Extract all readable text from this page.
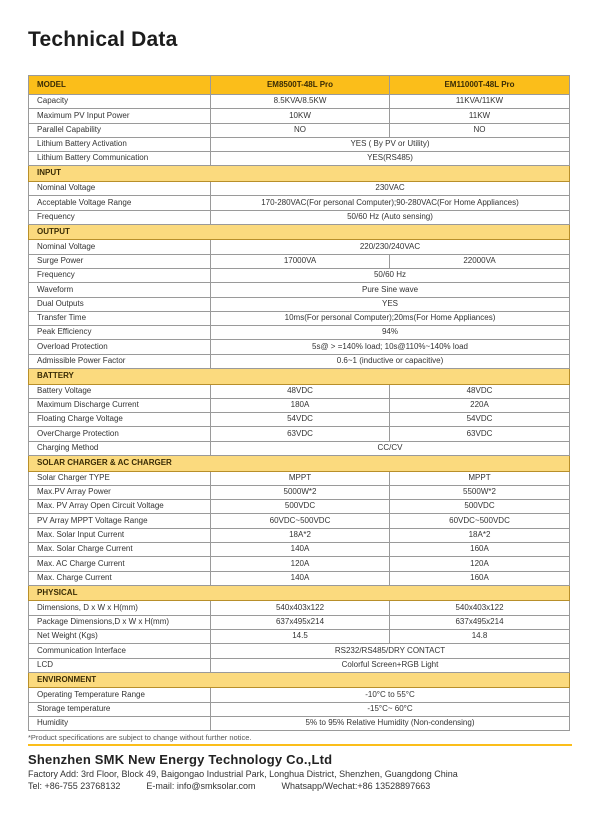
Technical Data
MODEL	EM8500T-48L Pro	EM11000T-48L Pro
Capacity	8.5KVA/8.5KW	11KVA/11KW
Maximum PV Input Power	10KW	11KW
Parallel Capability	NO	NO
Lithium Battery Activation	YES ( By PV or Utility)	
Lithium Battery Communication	YES(RS485)	
INPUT		
Nominal Voltage	230VAC	
Acceptable Voltage Range	170-280VAC(For personal Computer);90-280VAC(For Home Appliances)	
Frequency	50/60 Hz (Auto sensing)	
OUTPUT		
Nominal Voltage	220/230/240VAC	
Surge Power	17000VA	22000VA
Frequency	50/60 Hz	
Waveform	Pure Sine wave	
Dual Outputs	YES	
Transfer Time	10ms(For personal Computer);20ms(For Home Appliances)	
Peak Efficiency	94%	
Overload Protection	5s@ > =140% load; 10s@110%~140% load	
Admissible Power Factor	0.6~1 (inductive or capacitive)	
BATTERY		
Battery Voltage	48VDC	48VDC
Maximum Discharge Current	180A	220A
Floating Charge Voltage	54VDC	54VDC
OverCharge Protection	63VDC	63VDC
Charging Method	CC/CV	
SOLAR CHARGER & AC CHARGER		
Solar Charger TYPE	MPPT	MPPT
Max.PV Array Power	5000W*2	5500W*2
Max. PV Array Open Circuit Voltage	500VDC	500VDC
PV Array MPPT Voltage Range	60VDC~500VDC	60VDC~500VDC
Max. Solar Input Current	18A*2	18A*2
Max. Solar Charge Current	140A	160A
Max. AC Charge Current	120A	120A
Max. Charge Current	140A	160A
PHYSICAL		
Dimensions, D x W x H(mm)	540x403x122	540x403x122
Package Dimensions,D x W x H(mm)	637x495x214	637x495x214
Net Weight (Kgs)	14.5	14.8
Communication Interface	RS232/RS485/DRY CONTACT	
LCD	Colorful Screen+RGB Light	
ENVIRONMENT		
Operating Temperature Range	-10°C to 55°C	
Storage temperature	-15°C~ 60°C	
Humidity	5% to 95% Relative Humidity (Non-condensing)	
*Product specifications are subject to change without further notice.
Shenzhen SMK New Energy Technology Co.,Ltd
Factory Add: 3rd Floor, Block 49, Baigongao Industrial Park, Longhua District, Shenzhen, Guangdong China
Tel: +86-755 23768132	E-mail: info@smksolar.com	Whatsapp/Wechat:+86 13528897663
